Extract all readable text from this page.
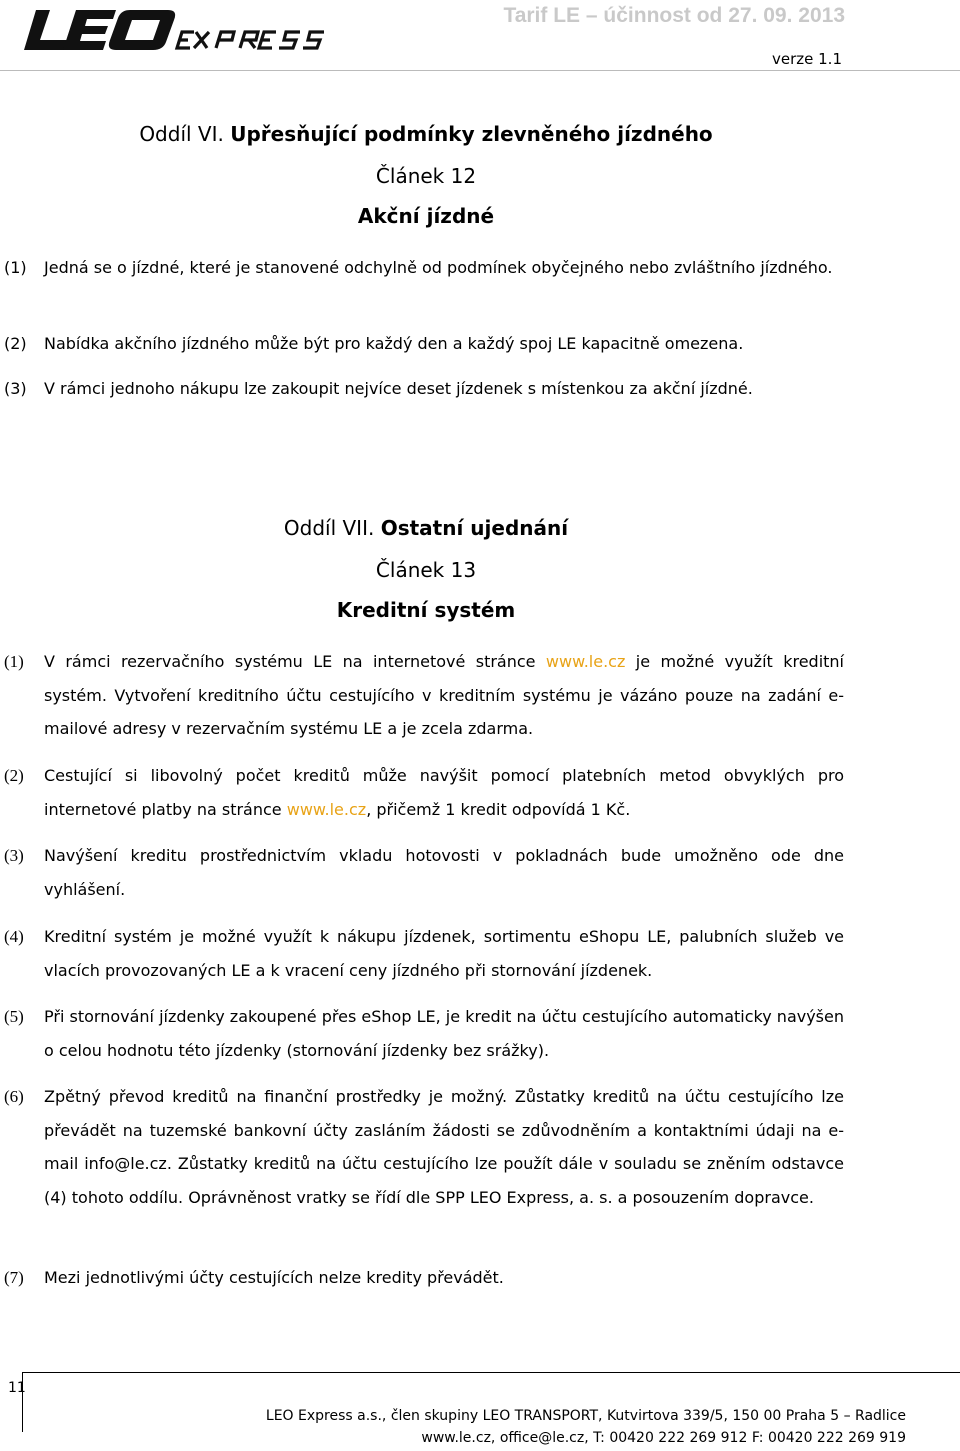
Tarif LE – účinnost od 27. 09. 2013
verze 1.1
Oddíl VI. Upřesňující podmínky zlevněného jízdného
Článek 12
Akční jízdné
(1) Jedná se o jízdné, které je stanovené odchylně od podmínek obyčejného nebo zvláštního jízdného.
(2) Nabídka akčního jízdného může být pro každý den a každý spoj LE kapacitně omezena.
(3) V rámci jednoho nákupu lze zakoupit nejvíce deset jízdenek s místenkou za akční jízdné.
Oddíl VII. Ostatní ujednání
Článek 13
Kreditní systém
(1) V rámci rezervačního systému LE na internetové stránce www.le.cz je možné využít kreditní systém. Vytvoření kreditního účtu cestujícího v kreditním systému je vázáno pouze na zadání e-mailové adresy v rezervačním systému LE a je zcela zdarma.
(2) Cestující si libovolný počet kreditů může navýšit pomocí platebních metod obvyklých pro internetové platby na stránce www.le.cz, přičemž 1 kredit odpovídá 1 Kč.
(3) Navýšení kreditu prostřednictvím vkladu hotovosti v pokladnách bude umožněno ode dne vyhlášení.
(4) Kreditní systém je možné využít k nákupu jízdenek, sortimentu eShopu LE, palubních služeb ve vlacích provozovaných LE a k vracení ceny jízdného při stornování jízdenek.
(5) Při stornování jízdenky zakoupené přes eShop LE, je kredit na účtu cestujícího automaticky navýšen o celou hodnotu této jízdenky (stornování jízdenky bez srážky).
(6) Zpětný převod kreditů na finanční prostředky je možný. Zůstatky kreditů na účtu cestujícího lze převádět na tuzemské bankovní účty zasláním žádosti se zdůvodněním a kontaktními údaji na e-mail info@le.cz. Zůstatky kreditů na účtu cestujícího lze použít dále v souladu se zněním odstavce (4) tohoto oddílu. Oprávněnost vratky se řídí dle SPP LEO Express, a. s. a posouzením dopravce.
(7) Mezi jednotlivými účty cestujících nelze kredity převádět.
11
LEO Express a.s., člen skupiny LEO TRANSPORT, Kutvirtova 339/5, 150 00 Praha 5 – Radlice
www.le.cz, office@le.cz, T: 00420 222 269 912 F: 00420 222 269 919
